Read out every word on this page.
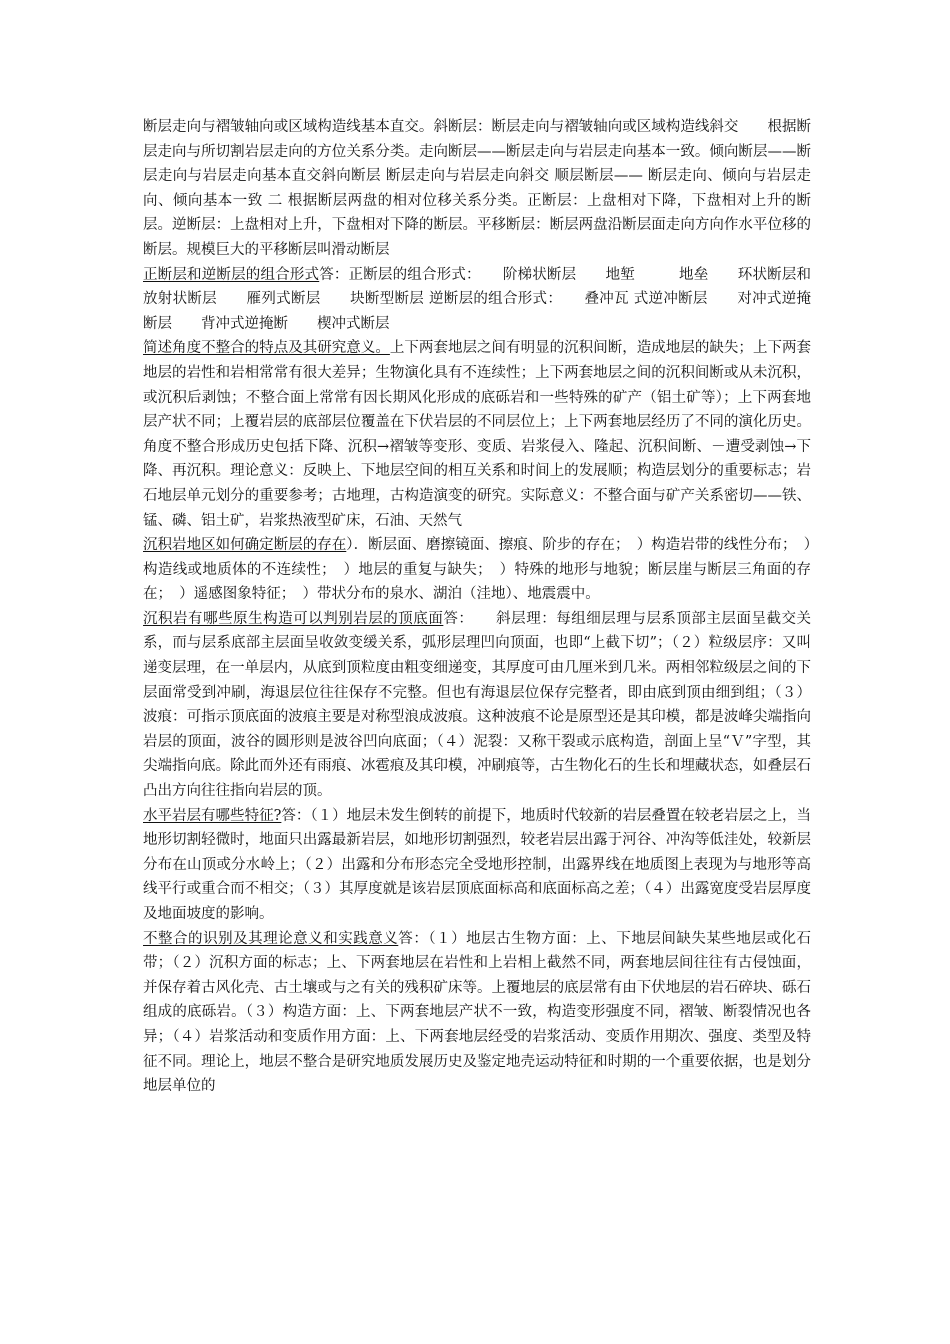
断层走向与褶皱轴向或区域构造线基本直交。斜断层：断层走向与褶皱轴向或区域构造线斜交　　根据断层走向与所切割岩层走向的方位关系分类。走向断层——断层走向与岩层走向基本一致。倾向断层——断层走向与岩层走向基本直交斜向断层 断层走向与岩层走向斜交 顺层断层—— 断层走向、倾向与岩层走向、倾向基本一致 二 根据断层两盘的相对位移关系分类。正断层：上盘相对下降，下盘相对上升的断层。逆断层：上盘相对上升，下盘相对下降的断层。平移断层：断层两盘沿断层面走向方向作水平位移的断层。规模巨大的平移断层叫滑动断层

正断层和逆断层的组合形式答：正断层的组合形式：　　阶梯状断层　　地堑　　　地垒　　环状断层和放射状断层　　雁列式断层　　块断型断层 逆断层的组合形式：　　叠冲瓦 式逆冲断层　　对冲式逆掩断层　　背冲式逆掩断　　楔冲式断层

简述角度不整合的特点及其研究意义。上下两套地层之间有明显的沉积间断，造成地层的缺失；上下两套地层的岩性和岩相常常有很大差异；生物演化具有不连续性；上下两套地层之间的沉积间断或从未沉积，或沉积后剥蚀；不整合面上常常有因长期风化形成的底砾岩和一些特殊的矿产（铝土矿等）；上下两套地层产状不同；上覆岩层的底部层位覆盖在下伏岩层的不同层位上；上下两套地层经历了不同的演化历史。角度不整合形成历史包括下降、沉积→褶皱等变形、变质、岩浆侵入、隆起、沉积间断、－遭受剥蚀→下降、再沉积。理论意义：反映上、下地层空间的相互关系和时间上的发展顺；构造层划分的重要标志；岩石地层单元划分的重要参考；古地理，古构造演变的研究。实际意义：不整合面与矿产关系密切——铁、锰、磷、铝土矿，岩浆热液型矿床，石油、天然气

沉积岩地区如何确定断层的存在）．断层面、磨擦镜面、擦痕、阶步的存在；　）构造岩带的线性分布；　）构造线或地质体的不连续性；　）地层的重复与缺失；　）特殊的地形与地貌；断层崖与断层三角面的存在；　）遥感图象特征；　）带状分布的泉水、湖泊（洼地）、地震震中。

沉积岩有哪些原生构造可以判别岩层的顶底面答：　　斜层理：每组细层理与层系顶部主层面呈截交关系，而与层系底部主层面呈收敛变缓关系，弧形层理凹向顶面，也即“上截下切”；（２）粒级层序：又叫递变层理，在一单层内，从底到顶粒度由粗变细递变，其厚度可由几厘米到几米。两相邻粒级层之间的下层面常受到冲刷，海退层位往往保存不完整。但也有海退层位保存完整者，即由底到顶由细到组；（３）波痕：可指示顶底面的波痕主要是对称型浪成波痕。这种波痕不论是原型还是其印模，都是波峰尖端指向岩层的顶面，波谷的圆形则是波谷凹向底面；（４）泥裂：又称干裂或示底构造，剖面上呈“Ｖ”字型，其尖端指向底。除此而外还有雨痕、冰雹痕及其印模，冲刷痕等，古生物化石的生长和埋藏状态，如叠层石凸出方向往往指向岩层的顶。

水平岩层有哪些特征?答：（１）地层未发生倒转的前提下，地质时代较新的岩层叠置在较老岩层之上，当地形切割轻微时，地面只出露最新岩层，如地形切割强烈，较老岩层出露于河谷、冲沟等低洼处，较新层分布在山顶或分水岭上；（２）出露和分布形态完全受地形控制，出露界线在地质图上表现为与地形等高线平行或重合而不相交；（３）其厚度就是该岩层顶底面标高和底面标高之差；（４）出露宽度受岩层厚度及地面坡度的影响。

不整合的识别及其理论意义和实践意义答：（１）地层古生物方面：上、下地层间缺失某些地层或化石带；（２）沉积方面的标志；上、下两套地层在岩性和上岩相上截然不同，两套地层间往往有古侵蚀面，并保存着古风化壳、古土壤或与之有关的残积矿床等。上覆地层的底层常有由下伏地层的岩石碎块、砾石组成的底砾岩。（３）构造方面：上、下两套地层产状不一致，构造变形强度不同，褶皱、断裂情况也各异；（４）岩浆活动和变质作用方面：上、下两套地层经受的岩浆活动、变质作用期次、强度、类型及特征不同。理论上，地层不整合是研究地质发展历史及鉴定地壳运动特征和时期的一个重要依据，也是划分地层单位的
